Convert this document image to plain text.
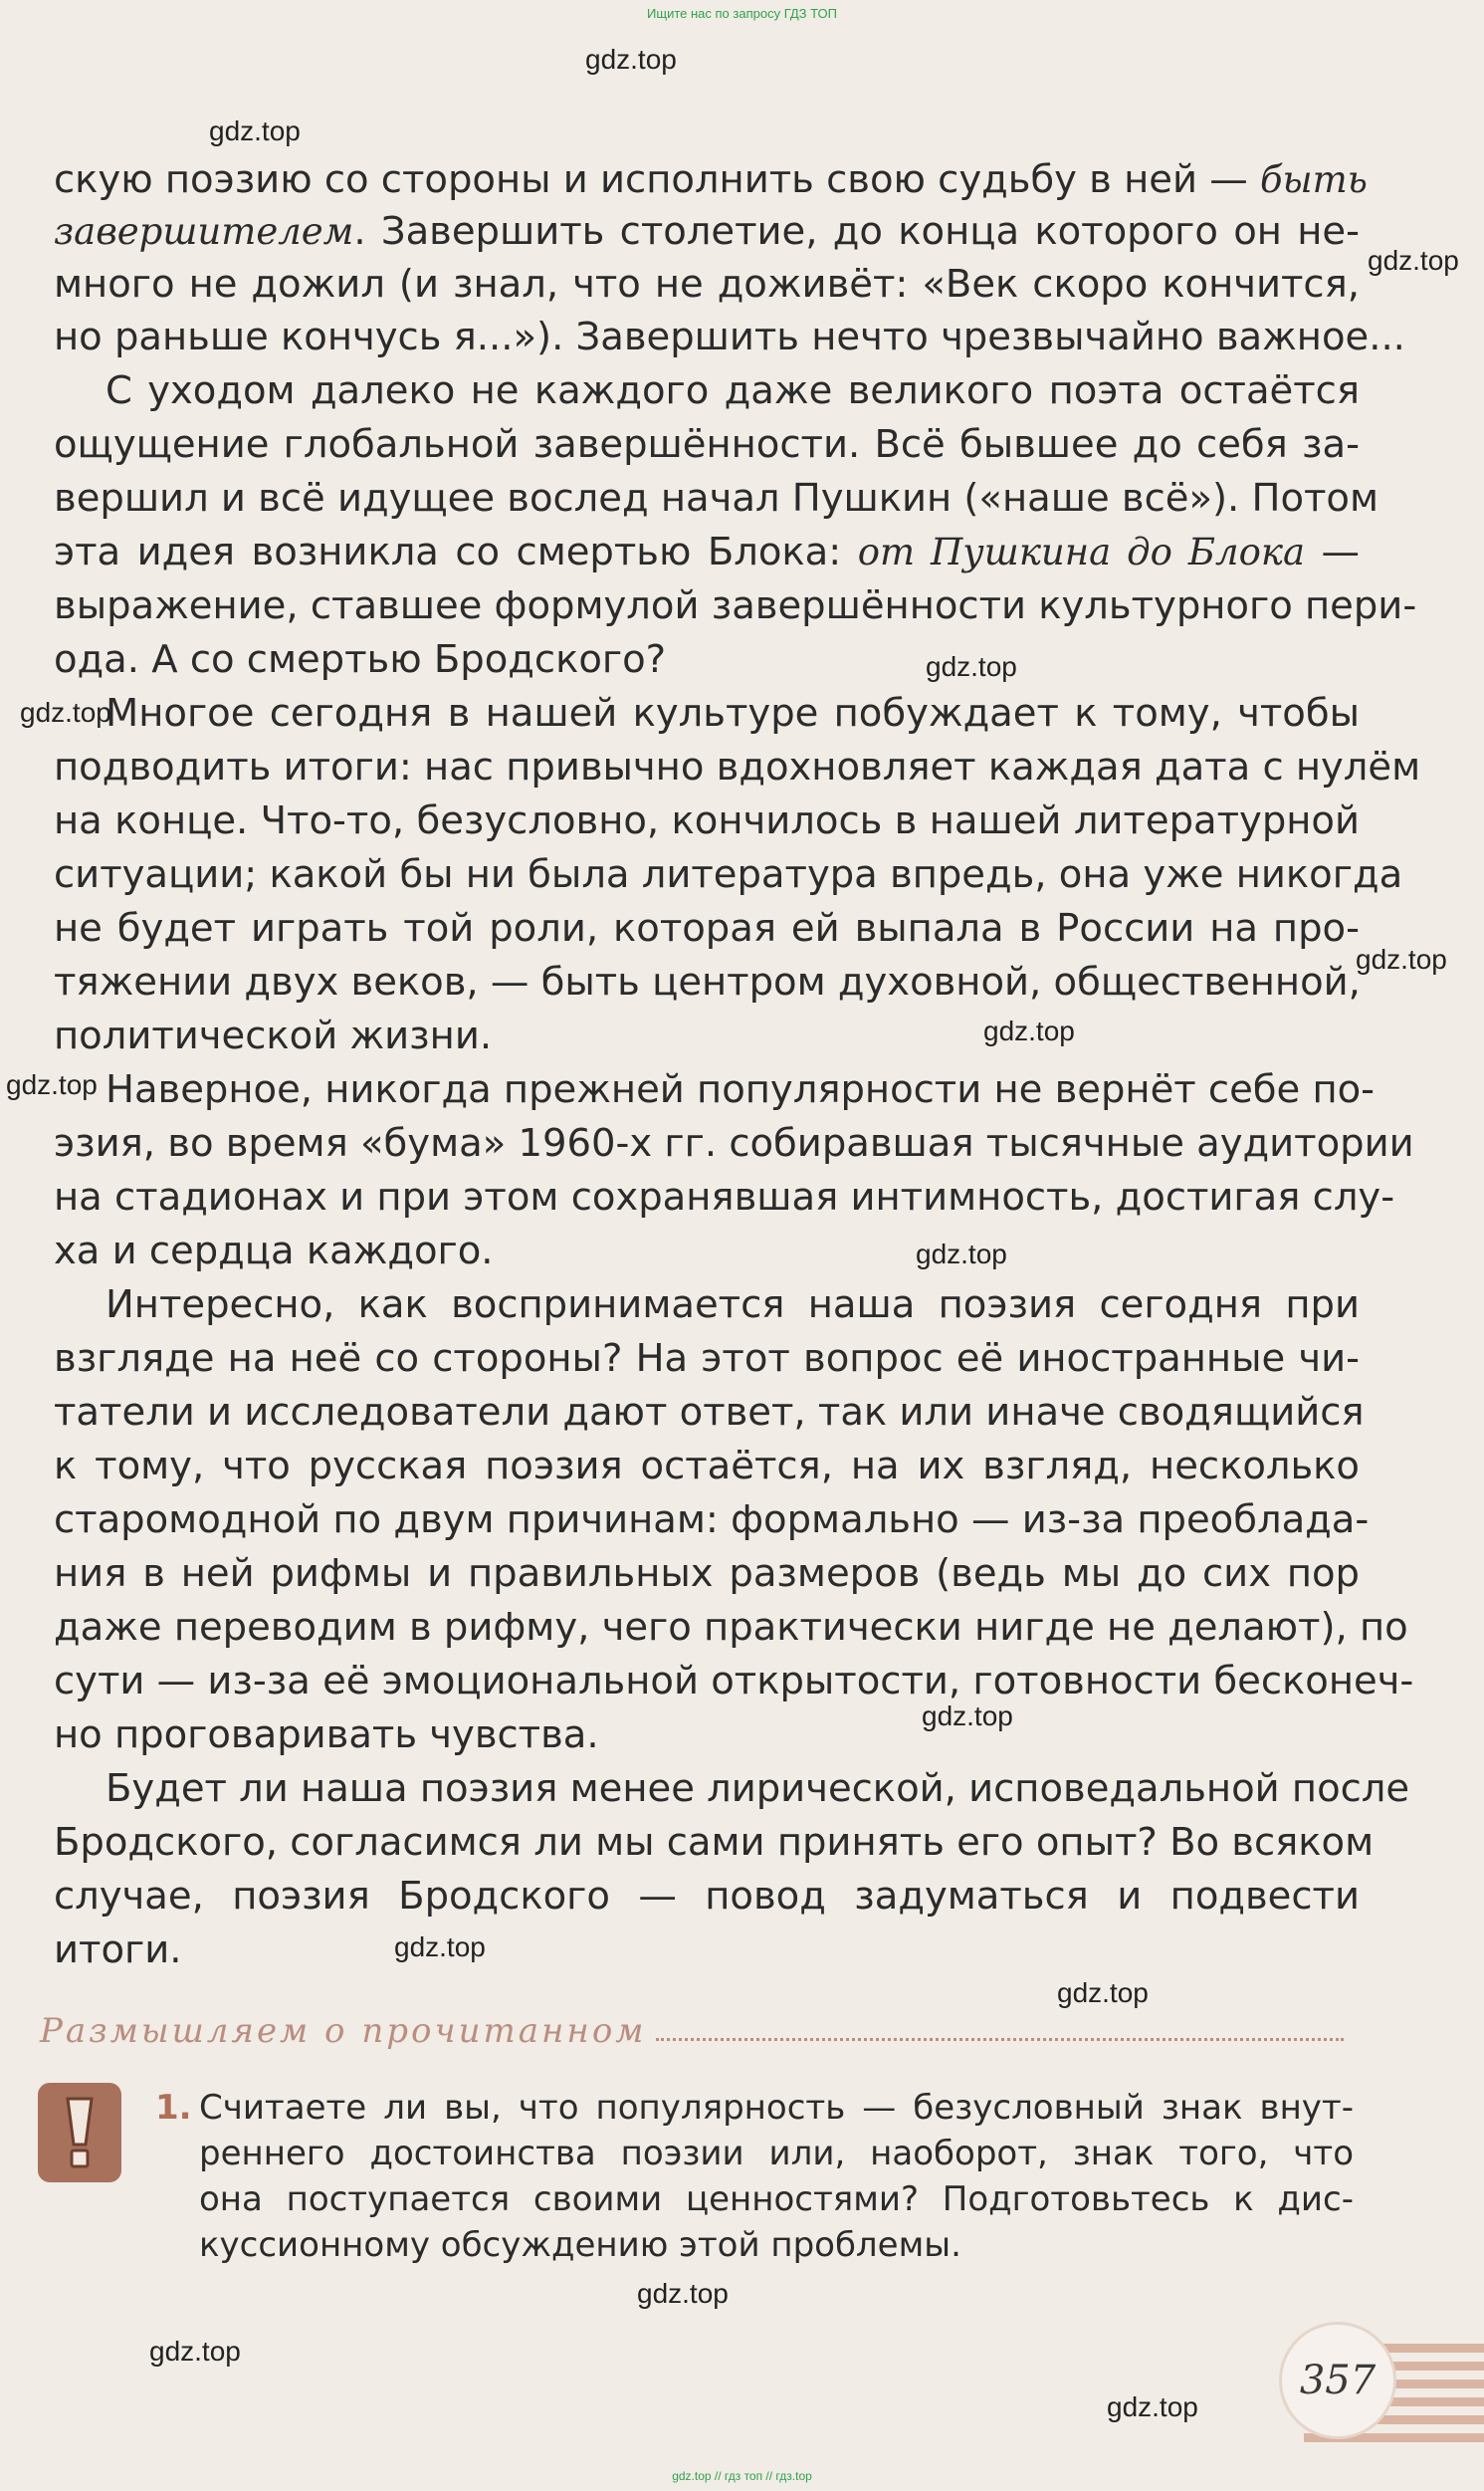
Ищите нас по запросу ГДЗ ТОП
скую поэзию со стороны и исполнить свою судьбу в ней — быть
завершителем. Завершить столетие, до конца которого он не-
много не дожил (и знал, что не доживёт: «Век скоро кончится,
но раньше кончусь я...»). Завершить нечто чрезвычайно важное...
С уходом далеко не каждого даже великого поэта остаётся
ощущение глобальной завершённости. Всё бывшее до себя за-
вершил и всё идущее вослед начал Пушкин («наше всё»). Потом
эта идея возникла со смертью Блока: от Пушкина до Блока —
выражение, ставшее формулой завершённости культурного пери-
ода. А со смертью Бродского?
Многое сегодня в нашей культуре побуждает к тому, чтобы
подводить итоги: нас привычно вдохновляет каждая дата с нулём
на конце. Что-то, безусловно, кончилось в нашей литературной
ситуации; какой бы ни была литература впредь, она уже никогда
не будет играть той роли, которая ей выпала в России на про-
тяжении двух веков, — быть центром духовной, общественной,
политической жизни.
Наверное, никогда прежней популярности не вернёт себе по-
эзия, во время «бума» 1960-х гг. собиравшая тысячные аудитории
на стадионах и при этом сохранявшая интимность, достигая слу-
ха и сердца каждого.
Интересно, как воспринимается наша поэзия сегодня при
взгляде на неё со стороны? На этот вопрос её иностранные чи-
татели и исследователи дают ответ, так или иначе сводящийся
к тому, что русская поэзия остаётся, на их взгляд, несколько
старомодной по двум причинам: формально — из-за преоблада-
ния в ней рифмы и правильных размеров (ведь мы до сих пор
даже переводим в рифму, чего практически нигде не делают), по
сути — из-за её эмоциональной открытости, готовности бесконеч-
но проговаривать чувства.
Будет ли наша поэзия менее лирической, исповедальной после
Бродского, согласимся ли мы сами принять его опыт? Во всяком
случае, поэзия Бродского — повод задуматься и подвести
итоги.
Размышляем о прочитанном
1. Считаете ли вы, что популярность — безусловный знак внут-
реннего достоинства поэзии или, наоборот, знак того, что
она поступается своими ценностями? Подготовьтесь к дис-
куссионному обсуждению этой проблемы.
357
gdz.top
gdz.top
gdz.top
gdz.top
gdz.top
gdz.top
gdz.top
gdz.top
gdz.top
gdz.top
gdz.top
gdz.top
gdz.top
gdz.top
gdz.top
gdz.top // гдз топ // гдз.top
